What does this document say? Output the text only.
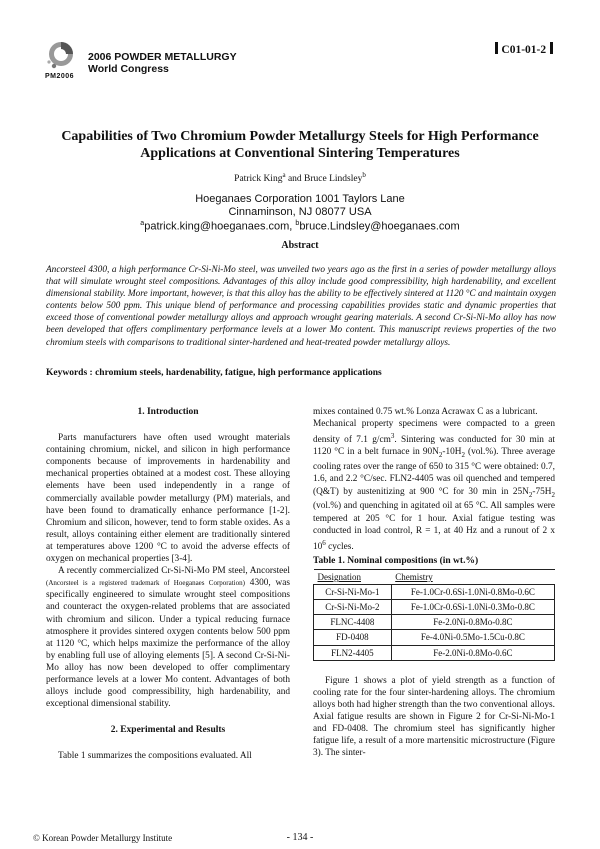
PM2006
2006 POWDER METALLURGY
World Congress
C01-01-2
Capabilities of Two Chromium Powder Metallurgy Steels for High Performance
Applications at Conventional Sintering Temperatures
Patrick King$^a$ and Bruce Lindsley$^b$
Hoeganaes Corporation 1001 Taylors Lane
Cinnaminson, NJ 08077 USA
$^a$patrick.king@hoeganaes.com, $^b$bruce.Lindsley@hoeganaes.com
Abstract
Ancorsteel 4300, a high performance Cr-Si-Ni-Mo steel, was unveiled two years ago as the first in a series of powder metallurgy alloys that will simulate wrought steel compositions. Advantages of this alloy include good compressibility, high hardenability, and excellent dimensional stability. More important, however, is that this alloy has the ability to be effectively sintered at 1120 °C and maintain oxygen contents below 500 ppm. This unique blend of performance and processing capabilities provides static and dynamic properties that exceed those of conventional powder metallurgy alloys and approach wrought gearing materials. A second Cr-Si-Ni-Mo alloy has now been developed that offers complimentary performance levels at a lower Mo content. This manuscript reviews properties of the two chromium steels with comparisons to traditional sinter-hardened and heat-treated powder metallurgy alloys.
Keywords : chromium steels, hardenability, fatigue, high performance applications
1. Introduction

Parts manufacturers have often used wrought materials containing chromium, nickel, and silicon in high performance components because of improvements in hardenability and mechanical properties obtained at a modest cost. These alloying elements have been used independently in a range of commercially available powder metallurgy (PM) materials, and have been found to dramatically enhance performance [1-2]. Chromium and silicon, however, tend to form stable oxides. As a result, alloys containing either element are traditionally sintered at temperatures above 1200 °C to avoid the adverse effects of oxygen on mechanical properties [3-4].

A recently commercialized Cr-Si-Ni-Mo PM steel, Ancorsteel (Ancorsteel is a registered trademark of Hoeganaes Corporation) 4300, was specifically engineered to simulate wrought steel compositions and counteract the oxygen-related problems that are associated with chromium and silicon. Under a typical reducing furnace atmosphere it provides sintered oxygen contents below 500 ppm at 1120 °C, which helps maximize the performance of the alloy by enabling full use of alloying elements [5]. A second Cr-Si-Ni-Mo alloy has now been developed to offer complimentary performance levels at a lower Mo content. Advantages of both alloys include good compressibility, high hardenability, and exceptional dimensional stability.

2. Experimental and Results

Table 1 summarizes the compositions evaluated. All

mixes contained 0.75 wt.% Lonza Acrawax C as a lubricant.

Mechanical property specimens were compacted to a green density of 7.1 $g/cm^3$. Sintering was conducted for 30 min at 1120 °C in a belt furnace in $90N_2-10H_2$ (vol.%). Three average cooling rates over the range of 650 to 315 °C were obtained: 0.7, 1.6, and 2.2 °C/sec. FLN2-4405 was oil quenched and tempered (Q&T) by austenitizing at 900 °C for 30 min in $25N_2-75H_2$ (vol.%) and quenching in agitated oil at 65 °C. All samples were tempered at 205 °C for 1 hour. Axial fatigue testing was conducted in load control, R = 1, at 40 Hz and a runout of 2 x $10^6$ cycles.

Table 1. Nominal compositions (in wt.%)
Designation	Chemistry
Cr-Si-Ni-Mo-1	Fe-1.0Cr-0.6Si-1.0Ni-0.8Mo-0.6C
Cr-Si-Ni-Mo-2	Fe-1.0Cr-0.6Si-1.0Ni-0.3Mo-0.8C
FLNC-4408	Fe-2.0Ni-0.8Mo-0.8C
FD-0408	Fe-4.0Ni-0.5Mo-1.5Cu-0.8C
FLN2-4405	Fe-2.0Ni-0.8Mo-0.6C

Figure 1 shows a plot of yield strength as a function of cooling rate for the four sinter-hardening alloys. The chromium alloys both had higher strength than the two conventional alloys. Axial fatigue results are shown in Figure 2 for Cr-Si-Ni-Mo-1 and FD-0408. The chromium steel has significantly higher fatigue life, a result of a more martensitic microstructure (Figure 3). The sinter-

© Korean Powder Metallurgy Institute	- 134 -
